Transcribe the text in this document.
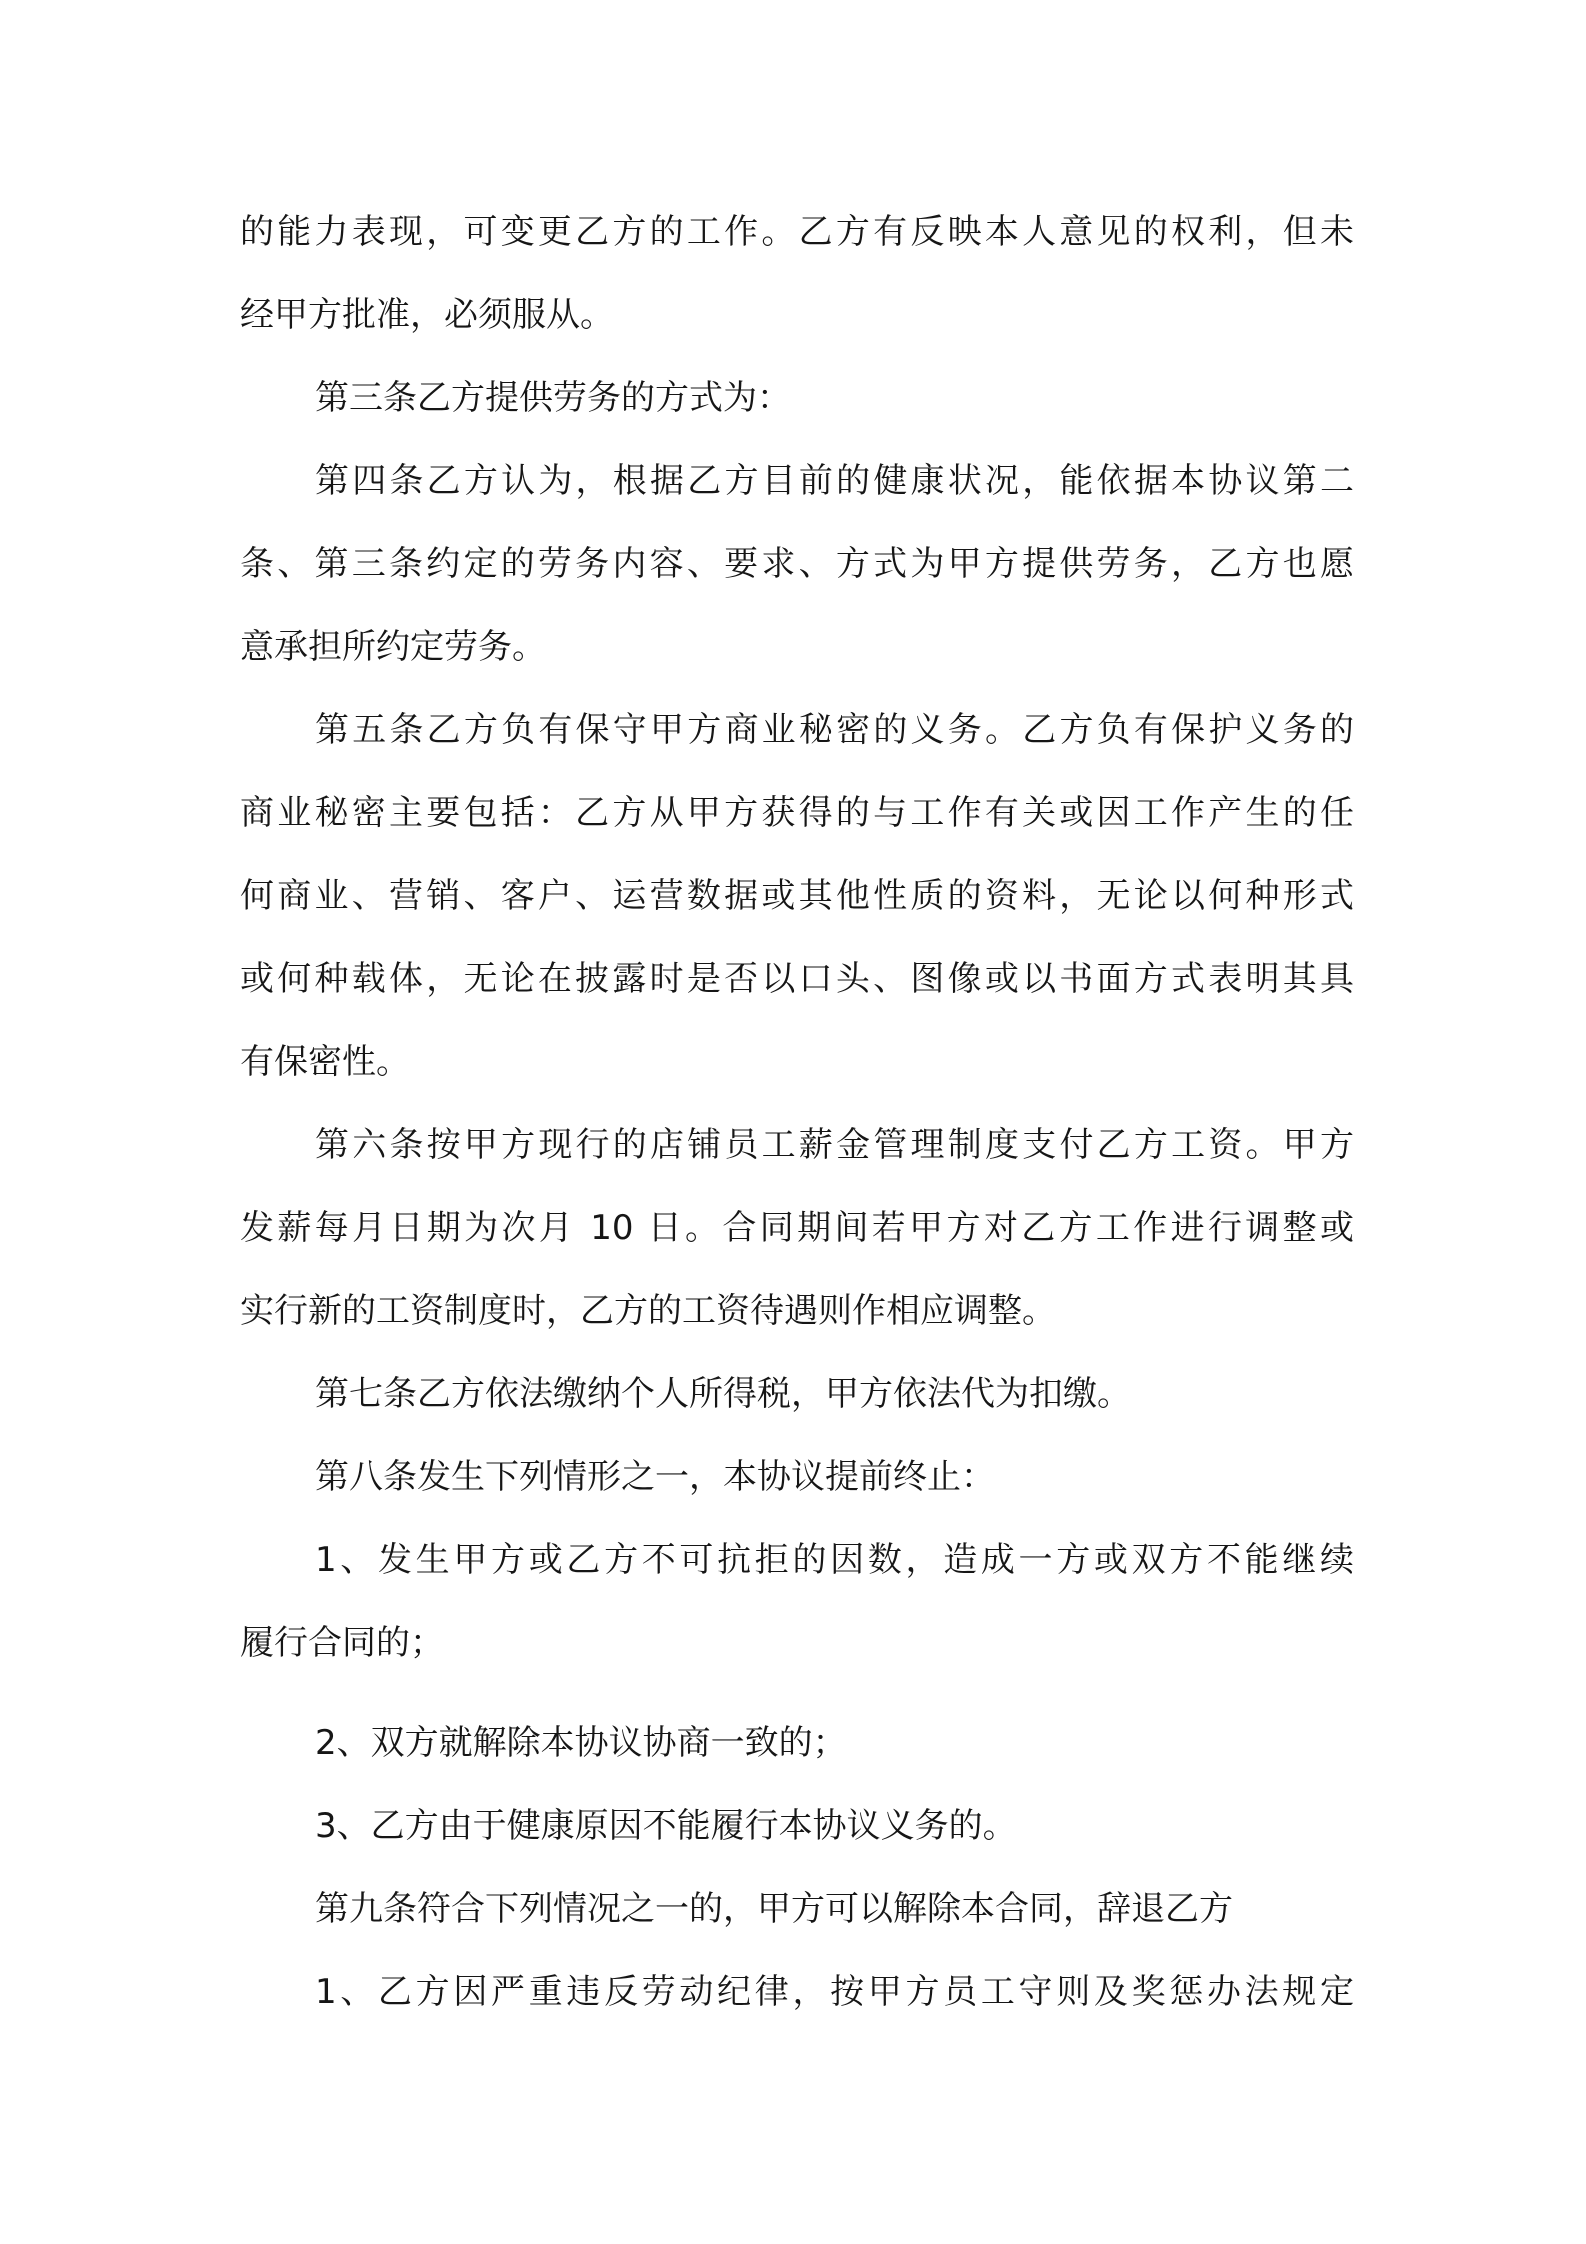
的能力表现，可变更乙方的工作。乙方有反映本人意见的权利，但未

经甲方批准，必须服从。

第三条乙方提供劳务的方式为：

第四条乙方认为，根据乙方目前的健康状况，能依据本协议第二

条、第三条约定的劳务内容、要求、方式为甲方提供劳务，乙方也愿

意承担所约定劳务。

第五条乙方负有保守甲方商业秘密的义务。乙方负有保护义务的

商业秘密主要包括：乙方从甲方获得的与工作有关或因工作产生的任

何商业、营销、客户、运营数据或其他性质的资料，无论以何种形式

或何种载体，无论在披露时是否以口头、图像或以书面方式表明其具

有保密性。

第六条按甲方现行的店铺员工薪金管理制度支付乙方工资。甲方

发薪每月日期为次月 10 日。合同期间若甲方对乙方工作进行调整或

实行新的工资制度时，乙方的工资待遇则作相应调整。

第七条乙方依法缴纳个人所得税，甲方依法代为扣缴。

第八条发生下列情形之一，本协议提前终止：

1、发生甲方或乙方不可抗拒的因数，造成一方或双方不能继续

履行合同的；

2、双方就解除本协议协商一致的；

3、乙方由于健康原因不能履行本协议义务的。

第九条符合下列情况之一的，甲方可以解除本合同，辞退乙方

1、乙方因严重违反劳动纪律，按甲方员工守则及奖惩办法规定
